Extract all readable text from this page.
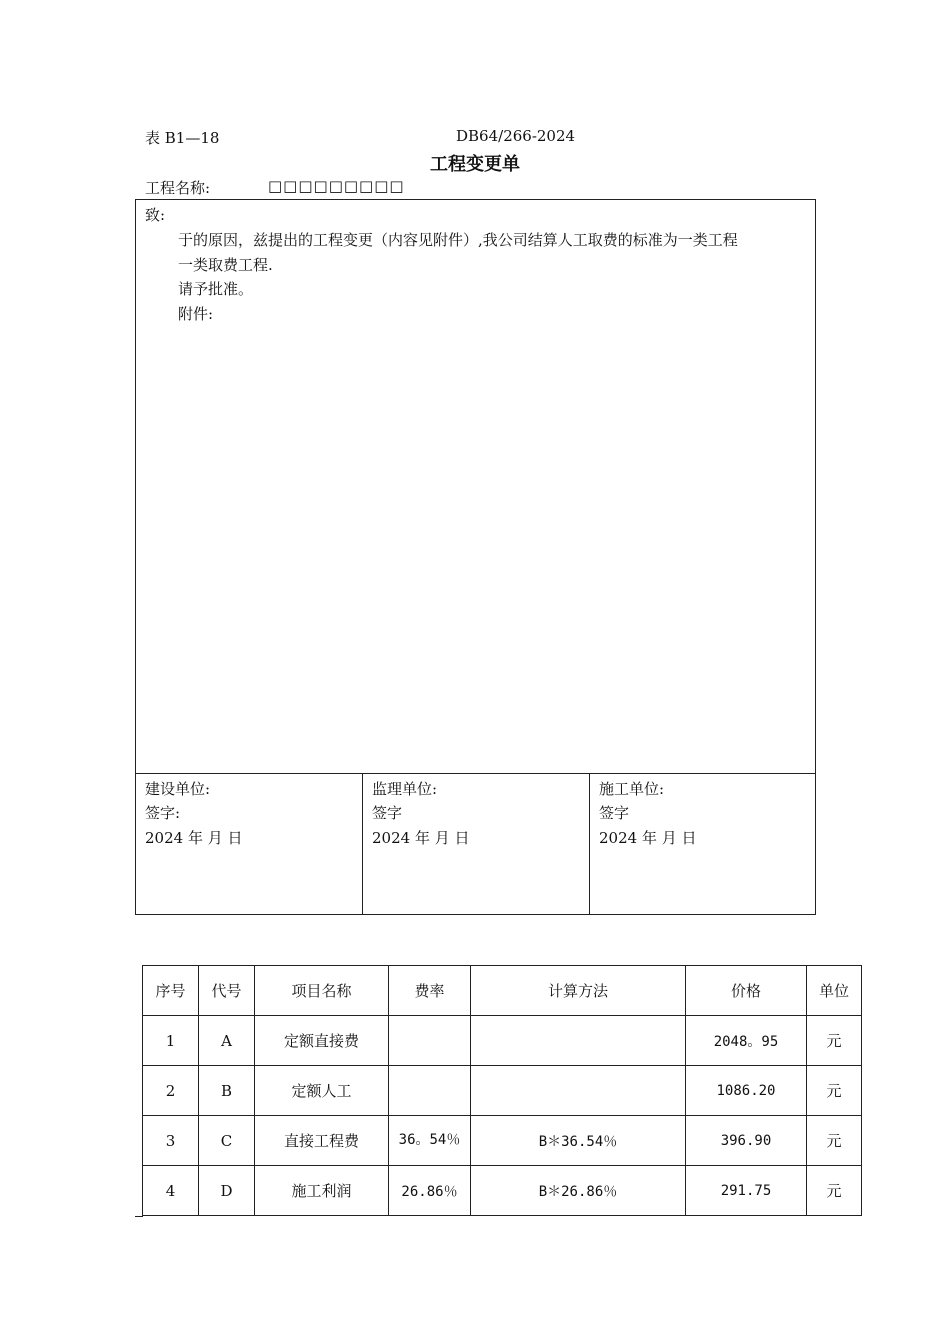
表 B1—18	DB64/266-2024
工程变更单
工程名称:	□□□□□□□□□
致:
于的原因，兹提出的工程变更（内容见附件）,我公司结算人工取费的标准为一类工程
一类取费工程.
请予批准。
附件:
建设单位:
签字:
2024 年 月 日
监理单位:
签字
2024 年 月 日
施工单位:
签字
2024 年 月 日
序号	代号	项目名称	费率	计算方法	价格	单位
1	A	定额直接费			2048。95	元
2	B	定额人工			1086.20	元
3	C	直接工程费	36。54％	B＊36.54％	396.90	元
4	D	施工利润	26.86％	B＊26.86％	291.75	元
